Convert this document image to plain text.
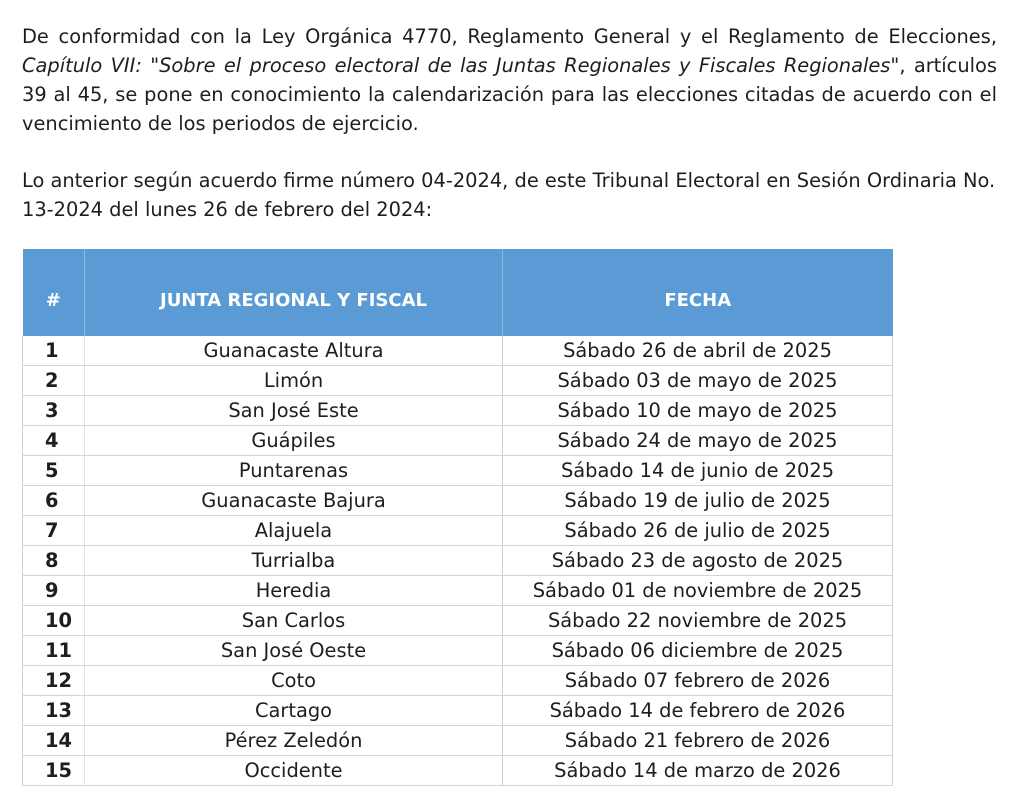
De conformidad con la Ley Orgánica 4770, Reglamento General y el Reglamento de Elecciones, Capítulo VII: "Sobre el proceso electoral de las Juntas Regionales y Fiscales Regionales", artículos 39 al 45, se pone en conocimiento la calendarización para las elecciones citadas de acuerdo con el vencimiento de los periodos de ejercicio.

Lo anterior según acuerdo firme número 04-2024, de este Tribunal Electoral en Sesión Ordinaria No. 13-2024 del lunes 26 de febrero del 2024:

#	JUNTA REGIONAL Y FISCAL	FECHA
1	Guanacaste Altura	Sábado 26 de abril de 2025
2	Limón	Sábado 03 de mayo de 2025
3	San José Este	Sábado 10 de mayo de 2025
4	Guápiles	Sábado 24 de mayo de 2025
5	Puntarenas	Sábado 14 de junio de 2025
6	Guanacaste Bajura	Sábado 19 de julio de 2025
7	Alajuela	Sábado 26 de julio de 2025
8	Turrialba	Sábado 23 de agosto de 2025
9	Heredia	Sábado 01 de noviembre de 2025
10	San Carlos	Sábado 22 noviembre de 2025
11	San José Oeste	Sábado 06 diciembre de 2025
12	Coto	Sábado 07 febrero de 2026
13	Cartago	Sábado 14 de febrero de 2026
14	Pérez Zeledón	Sábado 21 febrero de 2026
15	Occidente	Sábado 14 de marzo de 2026
